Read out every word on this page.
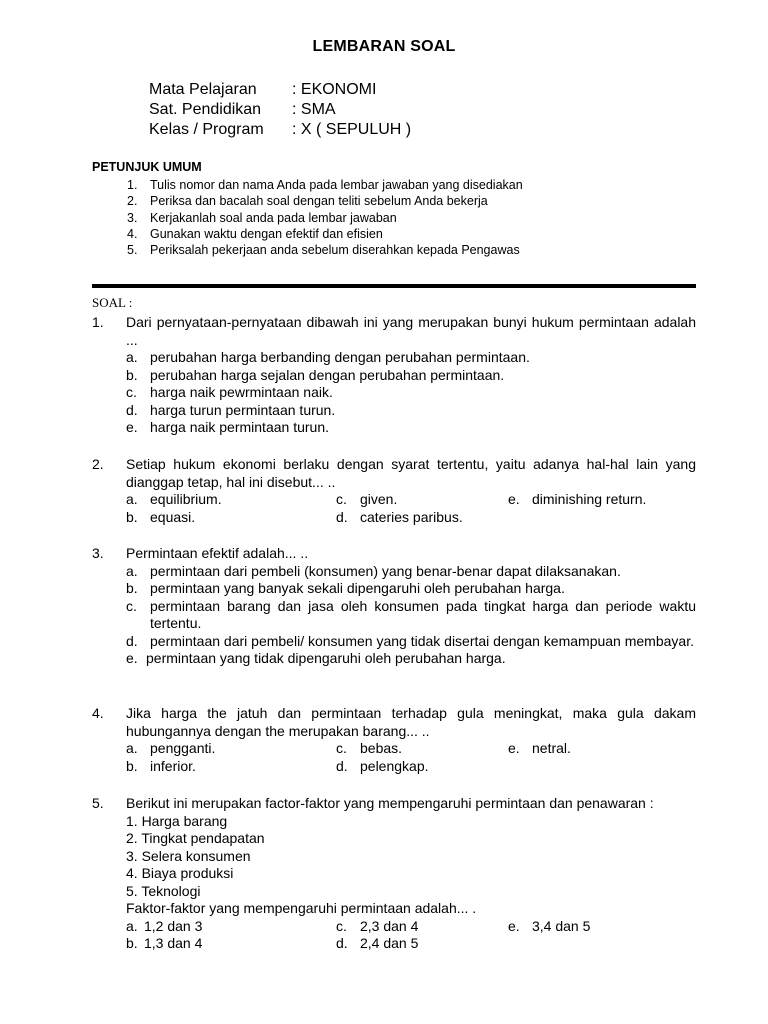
LEMBARAN SOAL
Mata Pelajaran	: EKONOMI
Sat. Pendidikan	: SMA
Kelas / Program	: X ( SEPULUH )
PETUNJUK UMUM
1.	Tulis nomor dan nama Anda pada lembar jawaban yang disediakan
2.	Periksa dan bacalah soal dengan teliti sebelum Anda bekerja
3.	Kerjakanlah soal anda pada lembar jawaban
4.	Gunakan waktu dengan efektif dan efisien
5.	Periksalah pekerjaan anda sebelum diserahkan kepada Pengawas
SOAL :
1.	Dari pernyataan-pernyataan dibawah ini yang merupakan bunyi hukum permintaan adalah ...
a. perubahan harga berbanding dengan perubahan permintaan.
b. perubahan harga sejalan dengan perubahan permintaan.
c. harga naik pewrmintaan naik.
d. harga turun permintaan turun.
e. harga naik permintaan turun.
2.	Setiap hukum ekonomi berlaku dengan syarat tertentu, yaitu adanya hal-hal lain yang dianggap tetap, hal ini disebut... ..
a. equilibrium.	c. given.	e. diminishing return.
b. equasi.	d. cateries paribus.
3.	Permintaan efektif adalah... ..
a. permintaan dari pembeli (konsumen) yang benar-benar dapat dilaksanakan.
b. permintaan yang banyak sekali dipengaruhi oleh perubahan harga.
c. permintaan barang dan jasa oleh konsumen pada tingkat harga dan periode waktu tertentu.
d. permintaan dari pembeli/ konsumen yang tidak disertai dengan kemampuan membayar.
e. permintaan yang tidak dipengaruhi oleh perubahan harga.
4.	Jika harga the jatuh dan permintaan terhadap gula meningkat, maka gula dakam hubungannya dengan the merupakan barang... ..
a. pengganti.	c. bebas.	e. netral.
b. inferior.	d. pelengkap.
5.	Berikut ini merupakan factor-faktor yang mempengaruhi permintaan dan penawaran :
1. Harga barang
2. Tingkat pendapatan
3. Selera konsumen
4. Biaya produksi
5. Teknologi
Faktor-faktor yang mempengaruhi permintaan adalah... .
a. 1,2 dan 3	c. 2,3 dan 4	e. 3,4 dan 5
b. 1,3 dan 4	d. 2,4 dan 5
